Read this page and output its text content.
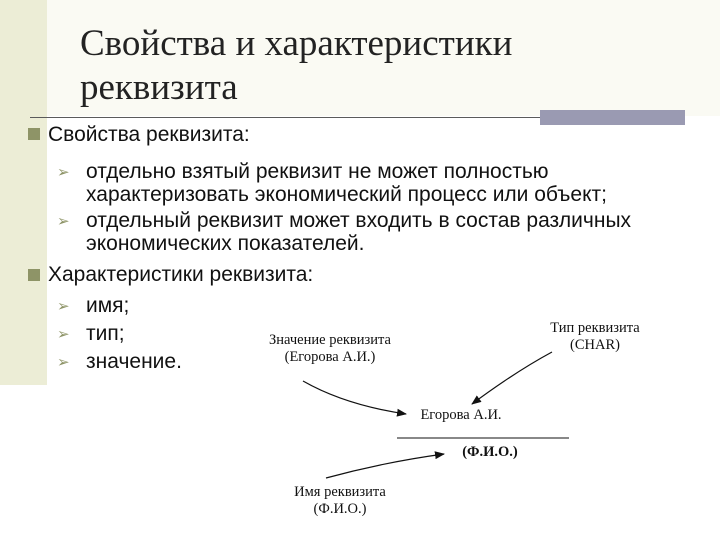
Свойства и характеристики
реквизита
Свойства реквизита:
➢ отдельно взятый реквизит не может полностью
характеризовать экономический процесс или объект;
➢ отдельный реквизит может входить в состав различных
экономических показателей.
Характеристики реквизита:
➢ имя;
➢ тип;
➢ значение.
Значение реквизита
(Егорова А.И.)
Тип реквизита
(CHAR)
Егорова А.И.
(Ф.И.О.)
Имя реквизита
(Ф.И.О.)
